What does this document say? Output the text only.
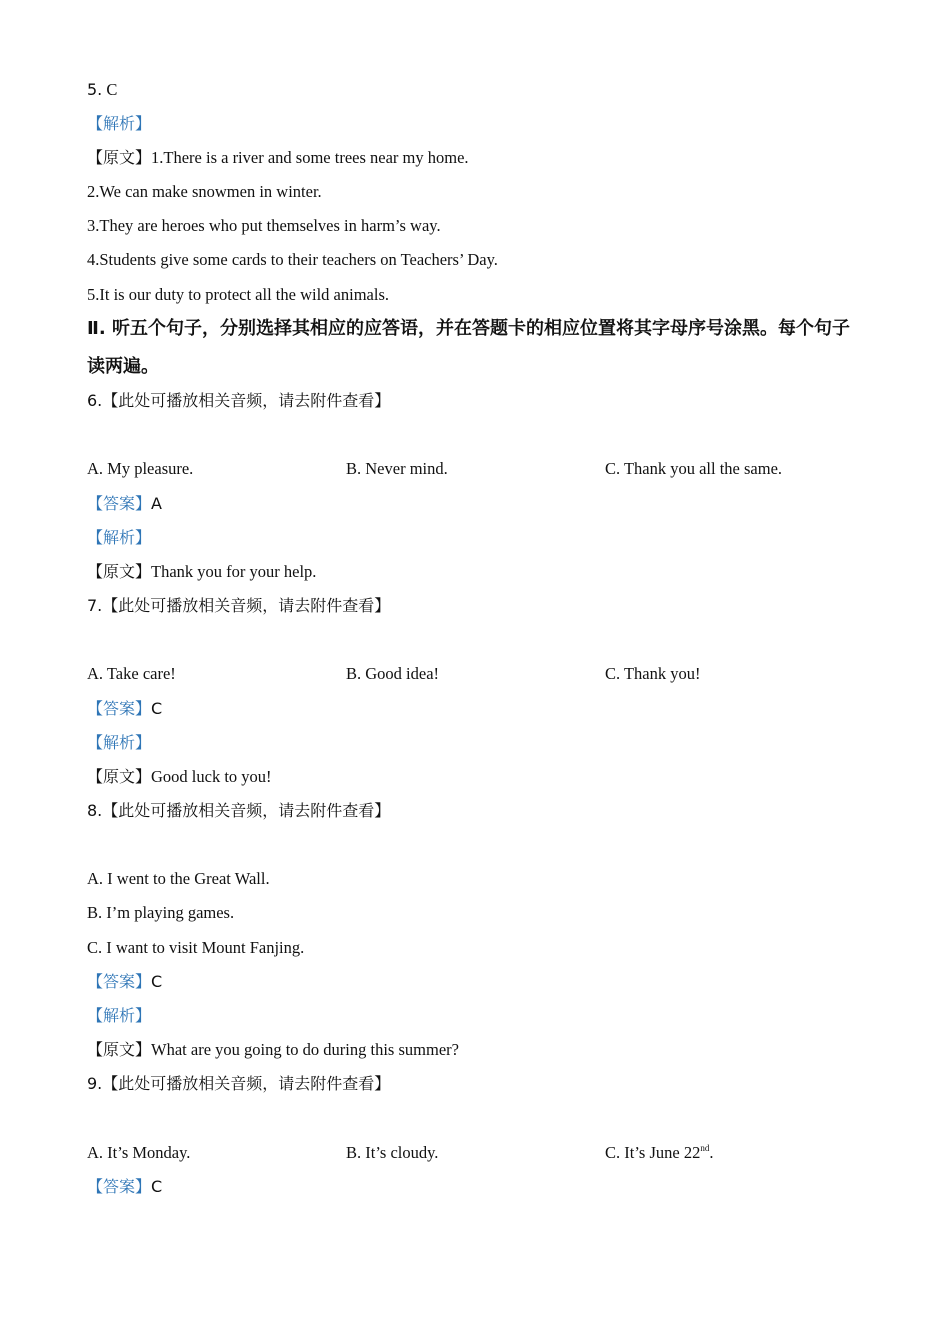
5. C
【解析】
【原文】1.There is a river and some trees near my home.
2.We can make snowmen in winter.
3.They are heroes who put themselves in harm’s way.
4.Students give some cards to their teachers on Teachers’ Day.
5.It is our duty to protect all the wild animals.
Ⅱ. 听五个句子，分别选择其相应的应答语，并在答题卡的相应位置将其字母序号涂黑。每个句子读两遍。
6.【此处可播放相关音频，请去附件查看】
A. My pleasure.	B. Never mind.	C. Thank you all the same.
【答案】A
【解析】
【原文】Thank you for your help.
7.【此处可播放相关音频，请去附件查看】
A. Take care!	B. Good idea!	C. Thank you!
【答案】C
【解析】
【原文】Good luck to you!
8.【此处可播放相关音频，请去附件查看】
A. I went to the Great Wall.
B. I’m playing games.
C. I want to visit Mount Fanjing.
【答案】C
【解析】
【原文】What are you going to do during this summer?
9.【此处可播放相关音频，请去附件查看】
A. It’s Monday.	B. It’s cloudy.	C. It’s June 22nd.
【答案】C
